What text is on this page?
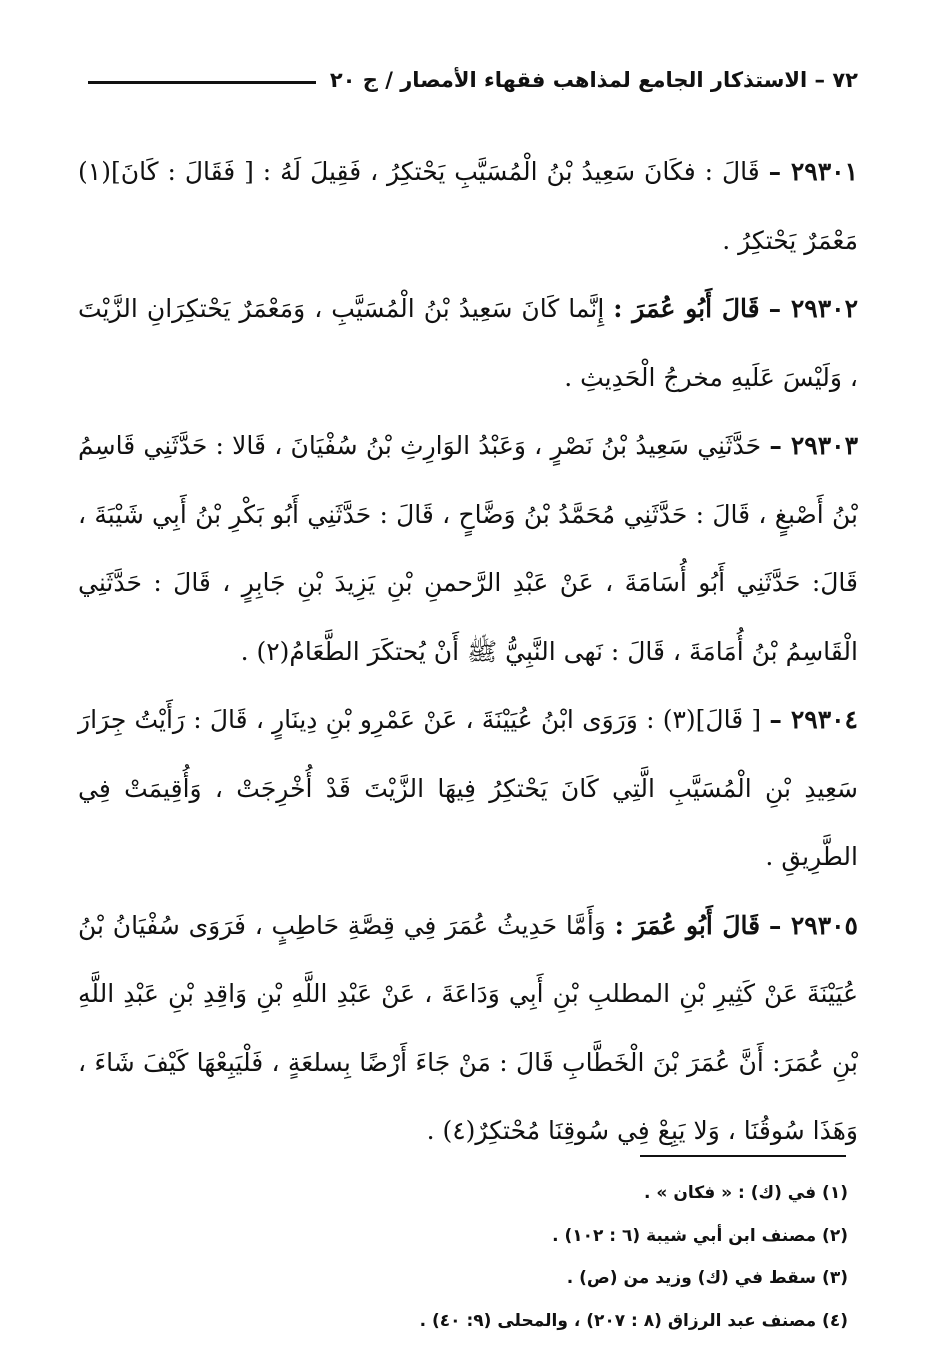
٧٢ – الاستذكار الجامع لمذاهب فقهاء الأمصار / ج ٢٠

٢٩٣٠١ – قَالَ : فكَانَ سَعِيدُ بْنُ الْمُسَيَّبِ يَحْتكِرُ ، فَقِيلَ لَهُ : [ فَقَالَ : كَانَ](١) مَعْمَرٌ يَحْتكِرُ .

٢٩٣٠٢ – قَالَ أَبُو عُمَرَ : إِنَّما كَانَ سَعِيدُ بْنُ الْمُسَيَّبِ ، وَمَعْمَرٌ يَحْتكِرَانِ الزَّيْتَ ، وَلَيْسَ عَلَيهِ مخرجُ الْحَدِيثِ .

٢٩٣٠٣ – حَدَّثَنِي سَعِيدُ بْنُ نَصْرٍ ، وَعَبْدُ الوَارِثِ بْنُ سُفْيَانَ ، قَالا : حَدَّثَنِي قَاسِمُ بْنُ أَصْبغٍ ، قَالَ : حَدَّثَنِي مُحَمَّدُ بْنُ وَضَّاحٍ ، قَالَ : حَدَّثَنِي أَبُو بَكْرِ بْنُ أَبِي شَيْبَةَ ، قَالَ: حَدَّثَنِي أَبُو أُسَامَةَ ، عَنْ عَبْدِ الرَّحمنِ بْنِ يَزِيدَ بْنِ جَابِرٍ ، قَالَ : حَدَّثَنِي الْقَاسِمُ بْنُ أُمَامَةَ ، قَالَ : نَهى النَّبِيُّ ﷺ أَنْ يُحتكَرَ الطَّعَامُ(٢) .

٢٩٣٠٤ – [ قَالَ](٣) : وَرَوَى ابْنُ عُيَيْنَةَ ، عَنْ عَمْرِو بْنِ دِينَارٍ ، قَالَ : رَأَيْتُ جِرَارَ سَعِيدِ بْنِ الْمُسَيَّبِ الَّتِي كَانَ يَحْتكِرُ فِيهَا الزَّيْتَ قَدْ أُخْرِجَتْ ، وَأُقِيمَتْ فِي الطَّرِيقِ .

٢٩٣٠٥ – قَالَ أَبُو عُمَرَ : وَأَمَّا حَدِيثُ عُمَرَ فِي قِصَّةِ حَاطِبٍ ، فَرَوَى سُفْيَانُ بْنُ عُيَيْنَةَ عَنْ كَثِيرِ بْنِ المطلبِ بْنِ أَبِي وَدَاعَةَ ، عَنْ عَبْدِ اللَّهِ بْنِ وَاقِدِ بْنِ عَبْدِ اللَّهِ بْنِ عُمَرَ: أَنَّ عُمَرَ بْنَ الْخَطَّابِ قَالَ : مَنْ جَاءَ أَرْضًا بِسلعَةٍ ، فَلْيَبِعْهَا كَيْفَ شَاءَ ، وَهَذَا سُوقُنَا ، وَلا يَبِعْ فِي سُوقِنَا مُحْتكِرٌ(٤) .

(١) في (ك) : « فكان » .

(٢) مصنف ابن أبي شيبة (٦ : ١٠٢) .

(٣) سقط في (ك) وزيد من (ص) .

(٤) مصنف عبد الرزاق (٨ : ٢٠٧) ، والمحلى (٩: ٤٠) .
